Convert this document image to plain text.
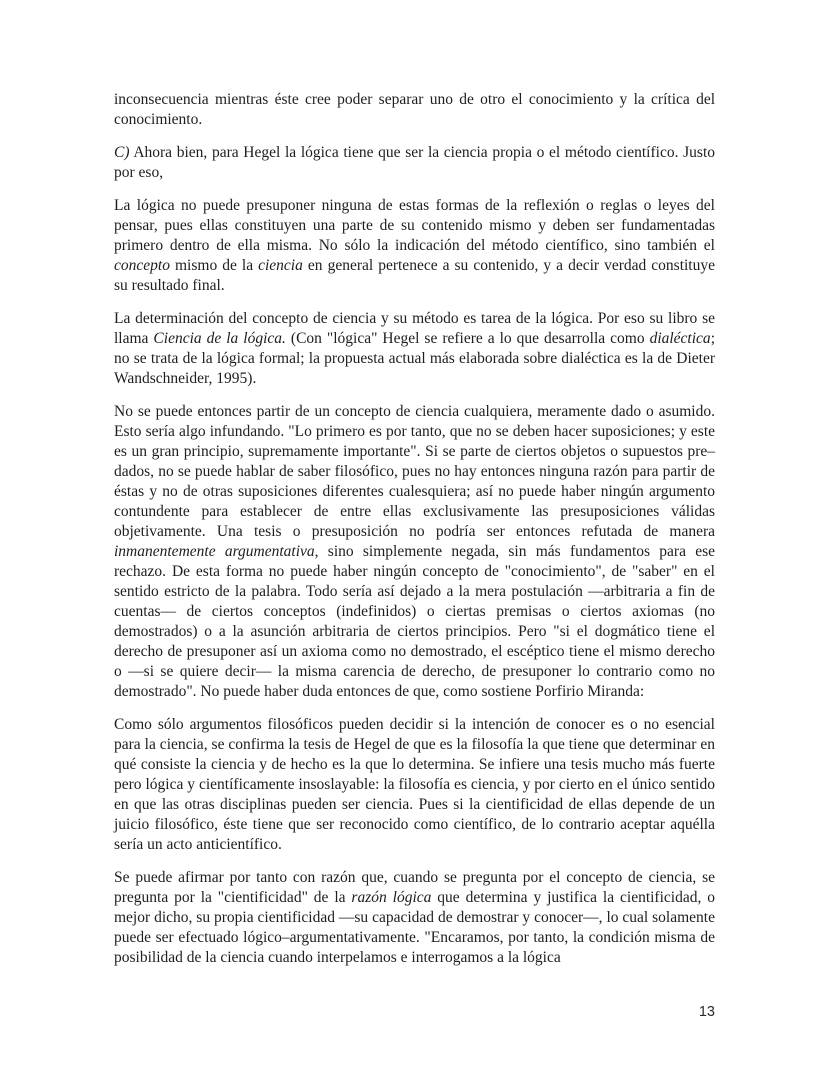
inconsecuencia mientras éste cree poder separar uno de otro el conocimiento y la crítica del conocimiento.

C) Ahora bien, para Hegel la lógica tiene que ser la ciencia propia o el método científico. Justo por eso,

La lógica no puede presuponer ninguna de estas formas de la reflexión o reglas o leyes del pensar, pues ellas constituyen una parte de su contenido mismo y deben ser fundamentadas primero dentro de ella misma. No sólo la indicación del método científico, sino también el concepto mismo de la ciencia en general pertenece a su contenido, y a decir verdad constituye su resultado final.

La determinación del concepto de ciencia y su método es tarea de la lógica. Por eso su libro se llama Ciencia de la lógica. (Con "lógica" Hegel se refiere a lo que desarrolla como dialéctica; no se trata de la lógica formal; la propuesta actual más elaborada sobre dialéctica es la de Dieter Wandschneider, 1995).

No se puede entonces partir de un concepto de ciencia cualquiera, meramente dado o asumido. Esto sería algo infundando. "Lo primero es por tanto, que no se deben hacer suposiciones; y este es un gran principio, supremamente importante". Si se parte de ciertos objetos o supuestos pre–dados, no se puede hablar de saber filosófico, pues no hay entonces ninguna razón para partir de éstas y no de otras suposiciones diferentes cualesquiera; así no puede haber ningún argumento contundente para establecer de entre ellas exclusivamente las presuposiciones válidas objetivamente. Una tesis o presuposición no podría ser entonces refutada de manera inmanentemente argumentativa, sino simplemente negada, sin más fundamentos para ese rechazo. De esta forma no puede haber ningún concepto de "conocimiento", de "saber" en el sentido estricto de la palabra. Todo sería así dejado a la mera postulación —arbitraria a fin de cuentas— de ciertos conceptos (indefinidos) o ciertas premisas o ciertos axiomas (no demostrados) o a la asunción arbitraria de ciertos principios. Pero "si el dogmático tiene el derecho de presuponer así un axioma como no demostrado, el escéptico tiene el mismo derecho o —si se quiere decir— la misma carencia de derecho, de presuponer lo contrario como no demostrado". No puede haber duda entonces de que, como sostiene Porfirio Miranda:

Como sólo argumentos filosóficos pueden decidir si la intención de conocer es o no esencial para la ciencia, se confirma la tesis de Hegel de que es la filosofía la que tiene que determinar en qué consiste la ciencia y de hecho es la que lo determina. Se infiere una tesis mucho más fuerte pero lógica y científicamente insoslayable: la filosofía es ciencia, y por cierto en el único sentido en que las otras disciplinas pueden ser ciencia. Pues si la cientificidad de ellas depende de un juicio filosófico, éste tiene que ser reconocido como científico, de lo contrario aceptar aquélla sería un acto anticientífico.

Se puede afirmar por tanto con razón que, cuando se pregunta por el concepto de ciencia, se pregunta por la "cientificidad" de la razón lógica que determina y justifica la cientificidad, o mejor dicho, su propia cientificidad —su capacidad de demostrar y conocer—, lo cual solamente puede ser efectuado lógico–argumentativamente. "Encaramos, por tanto, la condición misma de posibilidad de la ciencia cuando interpelamos e interrogamos a la lógica

13
